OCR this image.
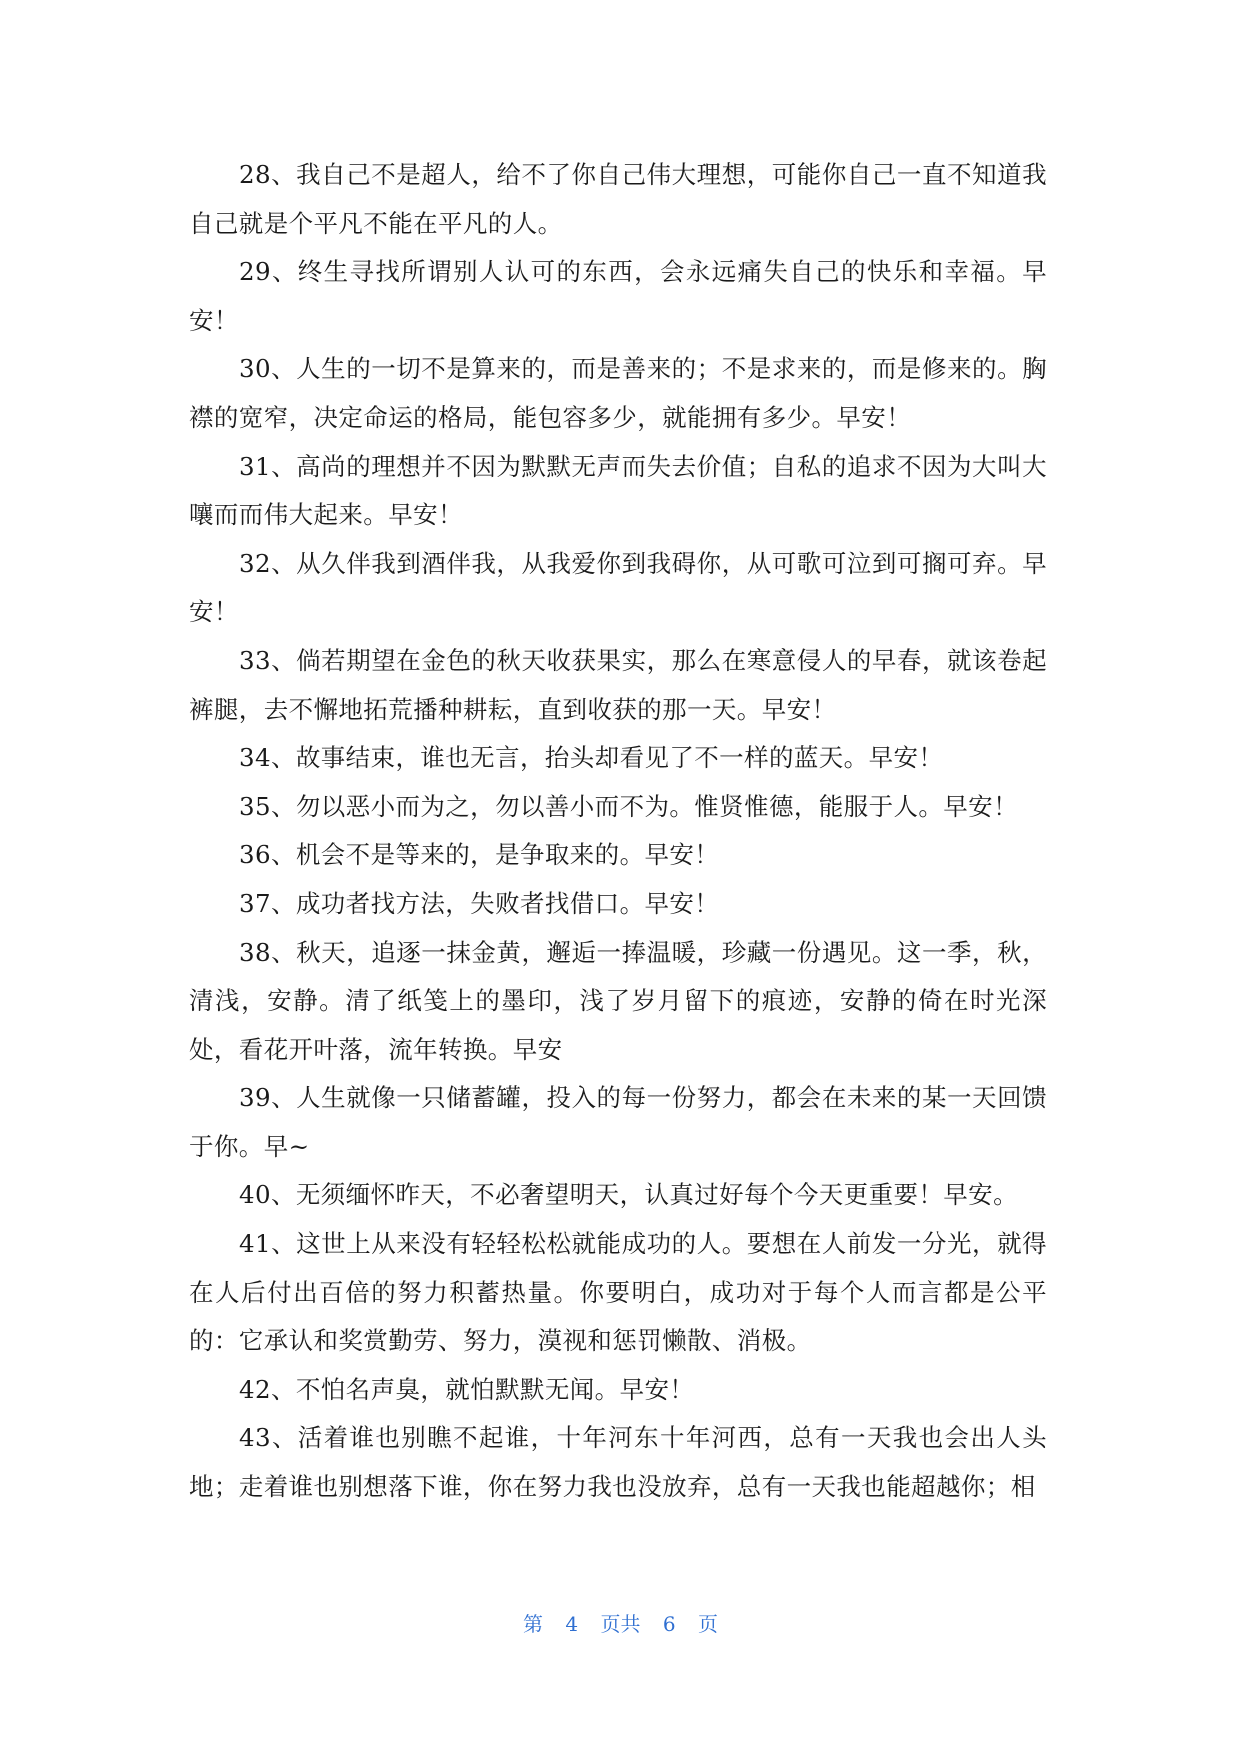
28、我自己不是超人，给不了你自己伟大理想，可能你自己一直不知道我自己就是个平凡不能在平凡的人。

29、终生寻找所谓别人认可的东西，会永远痛失自己的快乐和幸福。早安！

30、人生的一切不是算来的，而是善来的；不是求来的，而是修来的。胸襟的宽窄，决定命运的格局，能包容多少，就能拥有多少。早安！

31、高尚的理想并不因为默默无声而失去价值；自私的追求不因为大叫大嚷而而伟大起来。早安！

32、从久伴我到酒伴我，从我爱你到我碍你，从可歌可泣到可搁可弃。早安！

33、倘若期望在金色的秋天收获果实，那么在寒意侵人的早春，就该卷起裤腿，去不懈地拓荒播种耕耘，直到收获的那一天。早安！

34、故事结束，谁也无言，抬头却看见了不一样的蓝天。早安！

35、勿以恶小而为之，勿以善小而不为。惟贤惟德，能服于人。早安！

36、机会不是等来的，是争取来的。早安！

37、成功者找方法，失败者找借口。早安！

38、秋天，追逐一抹金黄，邂逅一捧温暖，珍藏一份遇见。这一季，秋，清浅，安静。清了纸笺上的墨印，浅了岁月留下的痕迹，安静的倚在时光深处，看花开叶落，流年转换。早安

39、人生就像一只储蓄罐，投入的每一份努力，都会在未来的某一天回馈于你。早~

40、无须缅怀昨天，不必奢望明天，认真过好每个今天更重要！早安。

41、这世上从来没有轻轻松松就能成功的人。要想在人前发一分光，就得在人后付出百倍的努力积蓄热量。你要明白，成功对于每个人而言都是公平的：它承认和奖赏勤劳、努力，漠视和惩罚懒散、消极。

42、不怕名声臭，就怕默默无闻。早安！

43、活着谁也别瞧不起谁，十年河东十年河西，总有一天我也会出人头地；走着谁也别想落下谁，你在努力我也没放弃，总有一天我也能超越你；相

第 4 页共 6 页
